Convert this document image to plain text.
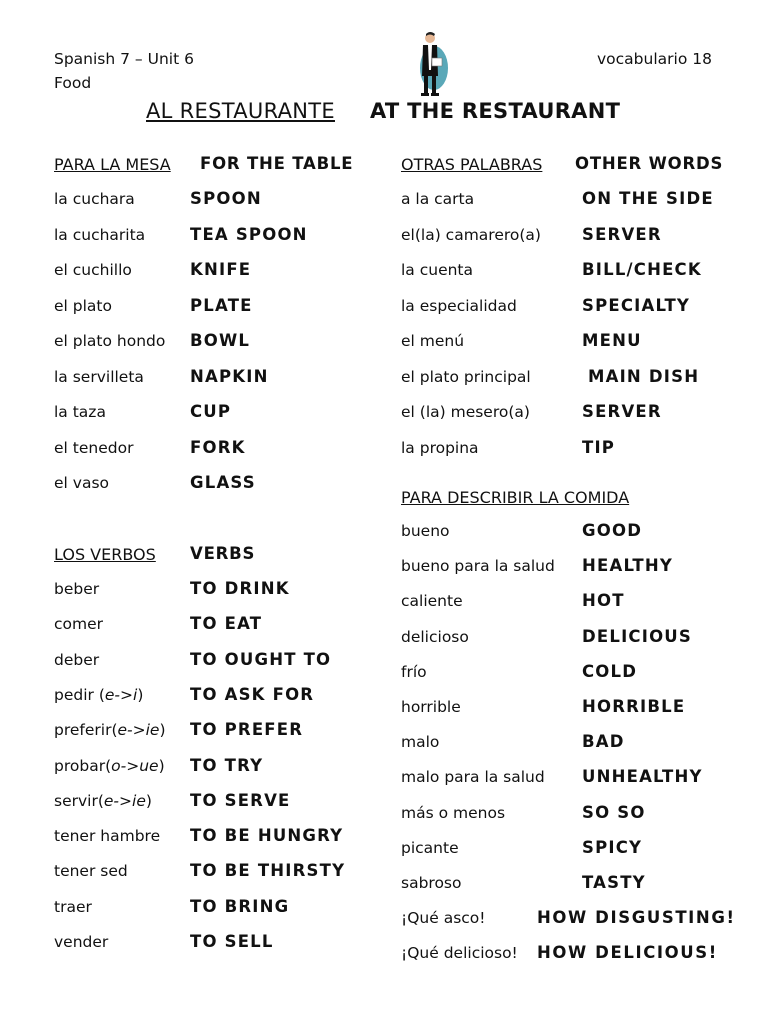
Spanish 7 – Unit 6
Food
vocabulario 18
AL RESTAURANTE AT THE RESTAURANT
PARA LA MESA FOR THE TABLE
la cuchara	SPOON
la cucharita	TEA SPOON
el cuchillo	KNIFE
el plato	PLATE
el plato hondo BOWL
la servilleta	NAPKIN
la taza	CUP
el tenedor	FORK
el vaso	GLASS
LOS VERBOS VERBS
beber	TO DRINK
comer	TO EAT
deber	TO OUGHT TO
pedir (e->i)	TO ASK FOR
preferir(e->ie) TO PREFER
probar(o->ue) TO TRY
servir(e->ie) TO SERVE
tener hambre TO BE HUNGRY
tener sed	TO BE THIRSTY
traer	TO BRING
vender	TO SELL
OTRAS PALABRAS OTHER WORDS
a la carta	ON THE SIDE
el(la) camarero(a) SERVER
la cuenta	BILL/CHECK
la especialidad	SPECIALTY
el menú	MENU
el plato principal	MAIN DISH
el (la) mesero(a)	SERVER
la propina	TIP
PARA DESCRIBIR LA COMIDA
bueno	GOOD
bueno para la salud HEALTHY
caliente	HOT
delicioso	DELICIOUS
frío	COLD
horrible	HORRIBLE
malo	BAD
malo para la salud UNHEALTHY
más o menos	SO SO
picante	SPICY
sabroso	TASTY
¡Qué asco!	HOW DISGUSTING!
¡Qué delicioso! HOW DELICIOUS!
